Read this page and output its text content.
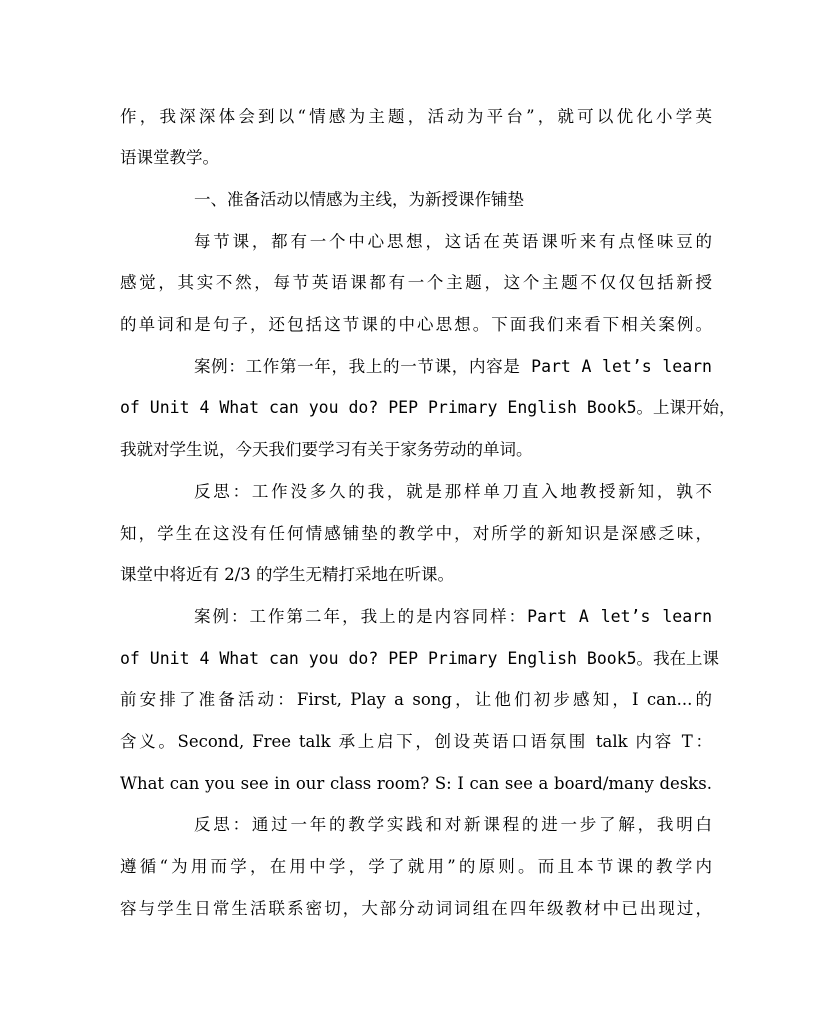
作，我深深体会到以“情感为主题，活动为平台”，就可以优化小学英
语课堂教学。
一、准备活动以情感为主线，为新授课作铺垫
每节课，都有一个中心思想，这话在英语课听来有点怪味豆的
感觉，其实不然，每节英语课都有一个主题，这个主题不仅仅包括新授
的单词和是句子，还包括这节课的中心思想。下面我们来看下相关案例。
案例：工作第一年，我上的一节课，内容是 Part A let’s learn
of Unit 4 What can you do? PEP Primary English Book5。上课开始，
我就对学生说，今天我们要学习有关于家务劳动的单词。
反思：工作没多久的我，就是那样单刀直入地教授新知，孰不
知，学生在这没有任何情感铺垫的教学中，对所学的新知识是深感乏味，
课堂中将近有 2/3 的学生无精打采地在听课。
案例：工作第二年，我上的是内容同样：Part A let’s learn
of Unit 4 What can you do? PEP Primary English Book5。我在上课
前安排了准备活动：First, Play a song，让他们初步感知，I can...的
含义。Second, Free talk 承上启下，创设英语口语氛围 talk 内容 T：
What can you see in our class room? S: I can see a board/many desks.
反思：通过一年的教学实践和对新课程的进一步了解，我明白
遵循“为用而学，在用中学，学了就用”的原则。而且本节课的教学内
容与学生日常生活联系密切，大部分动词词组在四年级教材中已出现过，
